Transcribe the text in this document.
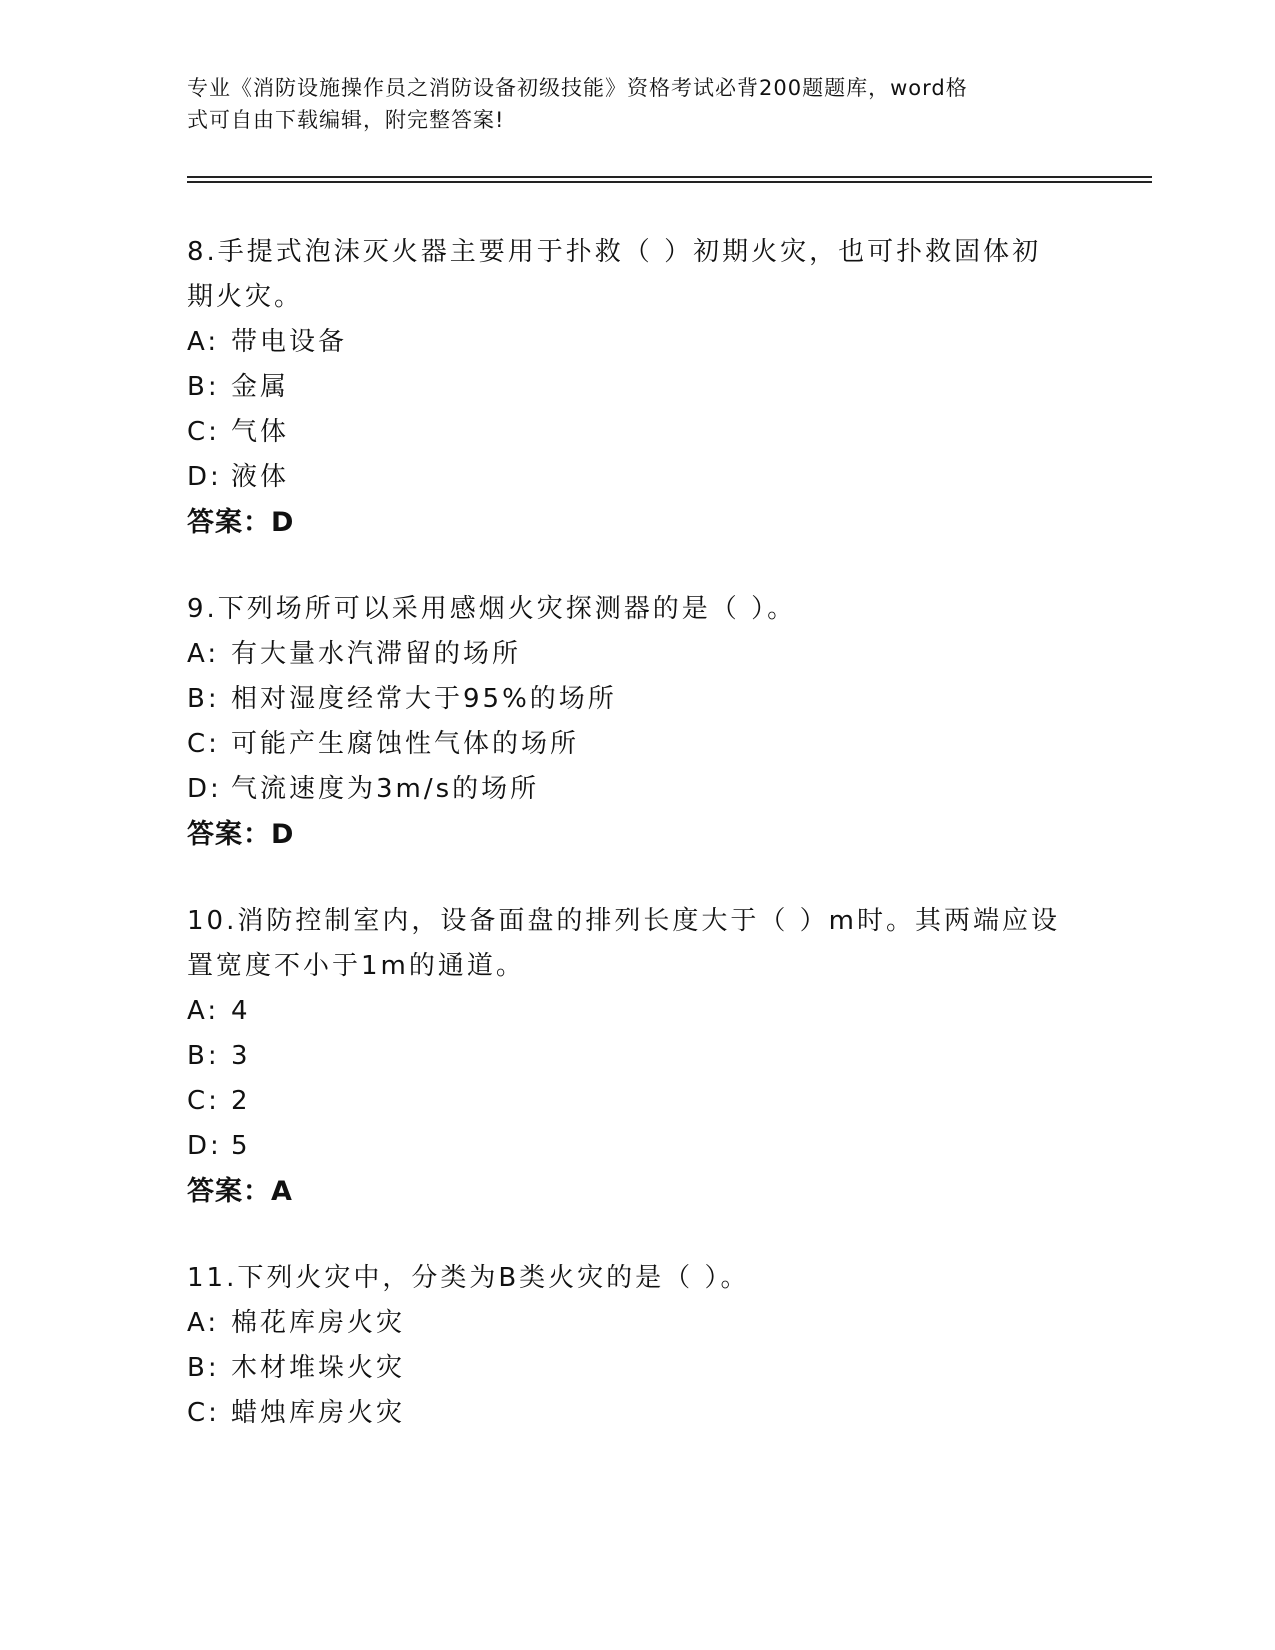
专业《消防设施操作员之消防设备初级技能》资格考试必背200题题库，word格
式可自由下载编辑，附完整答案!
8.手提式泡沫灭火器主要用于扑救（ ）初期火灾，也可扑救固体初
期火灾。
A: 带电设备
B: 金属
C: 气体
D: 液体
答案：D
9.下列场所可以采用感烟火灾探测器的是（ ）。
A: 有大量水汽滞留的场所
B: 相对湿度经常大于95%的场所
C: 可能产生腐蚀性气体的场所
D: 气流速度为3m/s的场所
答案：D
10.消防控制室内，设备面盘的排列长度大于（ ）m时。其两端应设
置宽度不小于1m的通道。
A: 4
B: 3
C: 2
D: 5
答案：A
11.下列火灾中，分类为B类火灾的是（ ）。
A: 棉花库房火灾
B: 木材堆垛火灾
C: 蜡烛库房火灾
